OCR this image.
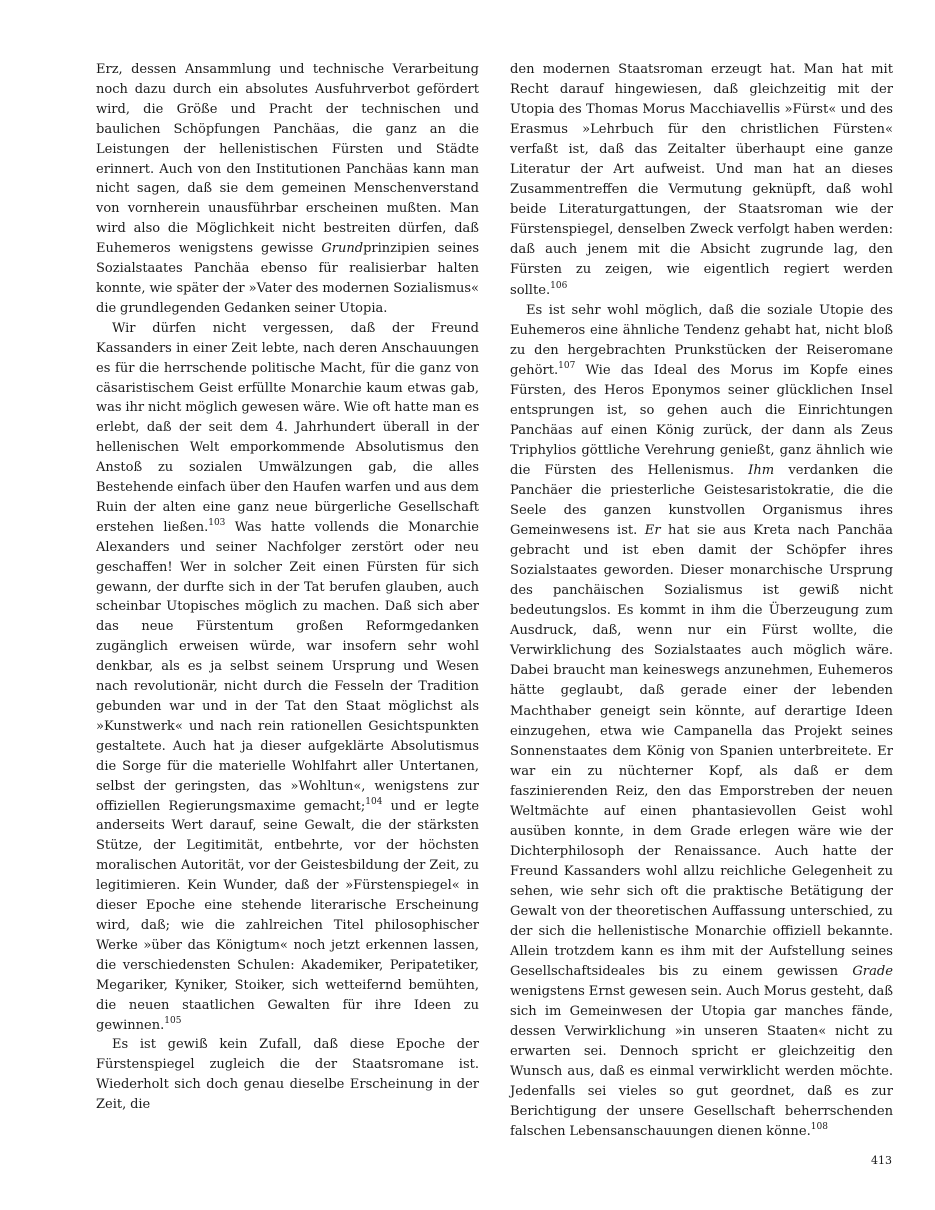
Erz, dessen Ansammlung und technische Verarbeitung noch dazu durch ein absolutes Ausfuhrverbot gefördert wird, die Größe und Pracht der technischen und baulichen Schöpfungen Panchäas, die ganz an die Leistungen der hellenistischen Fürsten und Städte erinnert. Auch von den Institutionen Panchäas kann man nicht sagen, daß sie dem gemeinen Menschenverstand von vornherein unausführbar erscheinen mußten. Man wird also die Möglichkeit nicht bestreiten dürfen, daß Euhemeros wenigstens gewisse Grundprinzipien seines Sozialstaates Panchäa ebenso für realisierbar halten konnte, wie später der »Vater des modernen Sozialismus« die grundlegenden Gedanken seiner Utopia.

Wir dürfen nicht vergessen, daß der Freund Kassanders in einer Zeit lebte, nach deren Anschauungen es für die herrschende politische Macht, für die ganz von cäsaristischem Geist erfüllte Monarchie kaum etwas gab, was ihr nicht möglich gewesen wäre. Wie oft hatte man es erlebt, daß der seit dem 4. Jahrhundert überall in der hellenischen Welt emporkommende Absolutismus den Anstoß zu sozialen Umwälzungen gab, die alles Bestehende einfach über den Haufen warfen und aus dem Ruin der alten eine ganz neue bürgerliche Gesellschaft erstehen ließen.$^{103}$ Was hatte vollends die Monarchie Alexanders und seiner Nachfolger zerstört oder neu geschaffen! Wer in solcher Zeit einen Fürsten für sich gewann, der durfte sich in der Tat berufen glauben, auch scheinbar Utopisches möglich zu machen. Daß sich aber das neue Fürstentum großen Reformgedanken zugänglich erweisen würde, war insofern sehr wohl denkbar, als es ja selbst seinem Ursprung und Wesen nach revolutionär, nicht durch die Fesseln der Tradition gebunden war und in der Tat den Staat möglichst als »Kunstwerk« und nach rein rationellen Gesichtspunkten gestaltete. Auch hat ja dieser aufgeklärte Absolutismus die Sorge für die materielle Wohlfahrt aller Untertanen, selbst der geringsten, das »Wohltun«, wenigstens zur offiziellen Regierungsmaxime gemacht;$^{104}$ und er legte anderseits Wert darauf, seine Gewalt, die der stärksten Stütze, der Legitimität, entbehrte, vor der höchsten moralischen Autorität, vor der Geistesbildung der Zeit, zu legitimieren. Kein Wunder, daß der »Fürstenspiegel« in dieser Epoche eine stehende literarische Erscheinung wird, daß; wie die zahlreichen Titel philosophischer Werke »über das Königtum« noch jetzt erkennen lassen, die verschiedensten Schulen: Akademiker, Peripatetiker, Megariker, Kyniker, Stoiker, sich wetteifernd bemühten, die neuen staatlichen Gewalten für ihre Ideen zu gewinnen.$^{105}$

Es ist gewiß kein Zufall, daß diese Epoche der Fürstenspiegel zugleich die der Staatsromane ist. Wiederholt sich doch genau dieselbe Erscheinung in der Zeit, die

den modernen Staatsroman erzeugt hat. Man hat mit Recht darauf hingewiesen, daß gleichzeitig mit der Utopia des Thomas Morus Macchiavellis »Fürst« und des Erasmus »Lehrbuch für den christlichen Fürsten« verfaßt ist, daß das Zeitalter überhaupt eine ganze Literatur der Art aufweist. Und man hat an dieses Zusammentreffen die Vermutung geknüpft, daß wohl beide Literaturgattungen, der Staatsroman wie der Fürstenspiegel, denselben Zweck verfolgt haben werden: daß auch jenem mit die Absicht zugrunde lag, den Fürsten zu zeigen, wie eigentlich regiert werden sollte.$^{106}$

Es ist sehr wohl möglich, daß die soziale Utopie des Euhemeros eine ähnliche Tendenz gehabt hat, nicht bloß zu den hergebrachten Prunkstücken der Reiseromane gehört.$^{107}$ Wie das Ideal des Morus im Kopfe eines Fürsten, des Heros Eponymos seiner glücklichen Insel entsprungen ist, so gehen auch die Einrichtungen Panchäas auf einen König zurück, der dann als Zeus Triphylios göttliche Verehrung genießt, ganz ähnlich wie die Fürsten des Hellenismus. Ihm verdanken die Panchäer die priesterliche Geistesaristokratie, die die Seele des ganzen kunstvollen Organismus ihres Gemeinwesens ist. Er hat sie aus Kreta nach Panchäa gebracht und ist eben damit der Schöpfer ihres Sozialstaates geworden. Dieser monarchische Ursprung des panchäischen Sozialismus ist gewiß nicht bedeutungslos. Es kommt in ihm die Überzeugung zum Ausdruck, daß, wenn nur ein Fürst wollte, die Verwirklichung des Sozialstaates auch möglich wäre. Dabei braucht man keineswegs anzunehmen, Euhemeros hätte geglaubt, daß gerade einer der lebenden Machthaber geneigt sein könnte, auf derartige Ideen einzugehen, etwa wie Campanella das Projekt seines Sonnenstaates dem König von Spanien unterbreitete. Er war ein zu nüchterner Kopf, als daß er dem faszinierenden Reiz, den das Emporstreben der neuen Weltmächte auf einen phantasievollen Geist wohl ausüben konnte, in dem Grade erlegen wäre wie der Dichterphilosoph der Renaissance. Auch hatte der Freund Kassanders wohl allzu reichliche Gelegenheit zu sehen, wie sehr sich oft die praktische Betätigung der Gewalt von der theoretischen Auffassung unterschied, zu der sich die hellenistische Monarchie offiziell bekannte. Allein trotzdem kann es ihm mit der Aufstellung seines Gesellschaftsideales bis zu einem gewissen Grade wenigstens Ernst gewesen sein. Auch Morus gesteht, daß sich im Gemeinwesen der Utopia gar manches fände, dessen Verwirklichung »in unseren Staaten« nicht zu erwarten sei. Dennoch spricht er gleichzeitig den Wunsch aus, daß es einmal verwirklicht werden möchte. Jedenfalls sei vieles so gut geordnet, daß es zur Berichtigung der unsere Gesellschaft beherrschenden falschen Lebensanschauungen dienen könne.$^{108}$

413
